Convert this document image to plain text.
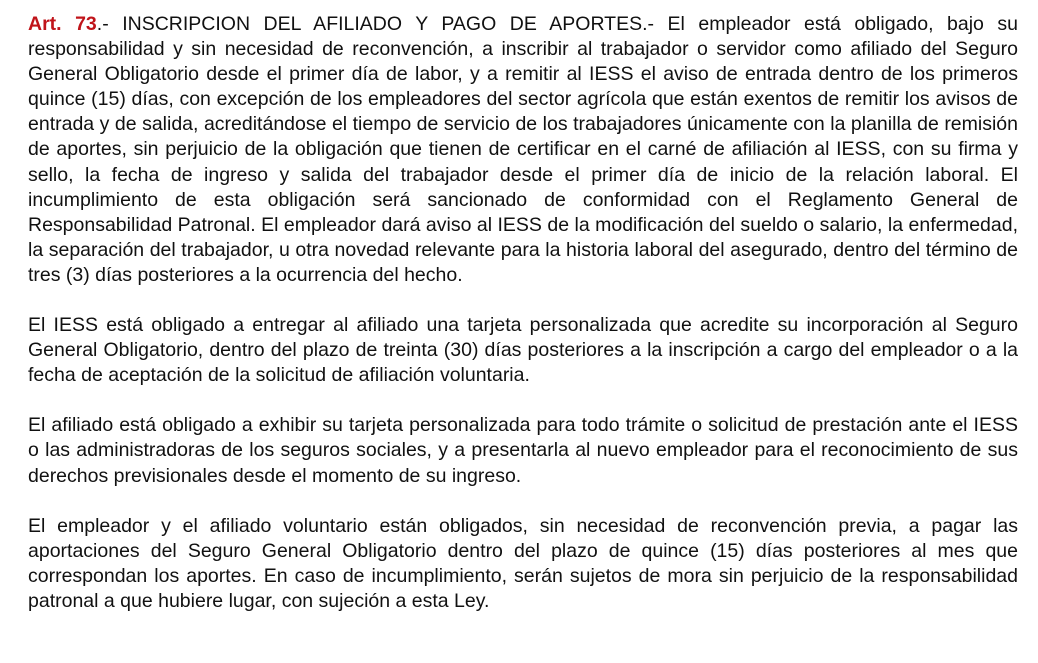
Art. 73.- INSCRIPCION DEL AFILIADO Y PAGO DE APORTES.- El empleador está obligado, bajo su responsabilidad y sin necesidad de reconvención, a inscribir al trabajador o servidor como afiliado del Seguro General Obligatorio desde el primer día de labor, y a remitir al IESS el aviso de entrada dentro de los primeros quince (15) días, con excepción de los empleadores del sector agrícola que están exentos de remitir los avisos de entrada y de salida, acreditándose el tiempo de servicio de los trabajadores únicamente con la planilla de remisión de aportes, sin perjuicio de la obligación que tienen de certificar en el carné de afiliación al IESS, con su firma y sello, la fecha de ingreso y salida del trabajador desde el primer día de inicio de la relación laboral. El incumplimiento de esta obligación será sancionado de conformidad con el Reglamento General de Responsabilidad Patronal. El empleador dará aviso al IESS de la modificación del sueldo o salario, la enfermedad, la separación del trabajador, u otra novedad relevante para la historia laboral del asegurado, dentro del término de tres (3) días posteriores a la ocurrencia del hecho.

El IESS está obligado a entregar al afiliado una tarjeta personalizada que acredite su incorporación al Seguro General Obligatorio, dentro del plazo de treinta (30) días posteriores a la inscripción a cargo del empleador o a la fecha de aceptación de la solicitud de afiliación voluntaria.

El afiliado está obligado a exhibir su tarjeta personalizada para todo trámite o solicitud de prestación ante el IESS o las administradoras de los seguros sociales, y a presentarla al nuevo empleador para el reconocimiento de sus derechos previsionales desde el momento de su ingreso.

El empleador y el afiliado voluntario están obligados, sin necesidad de reconvención previa, a pagar las aportaciones del Seguro General Obligatorio dentro del plazo de quince (15) días posteriores al mes que correspondan los aportes. En caso de incumplimiento, serán sujetos de mora sin perjuicio de la responsabilidad patronal a que hubiere lugar, con sujeción a esta Ley.
